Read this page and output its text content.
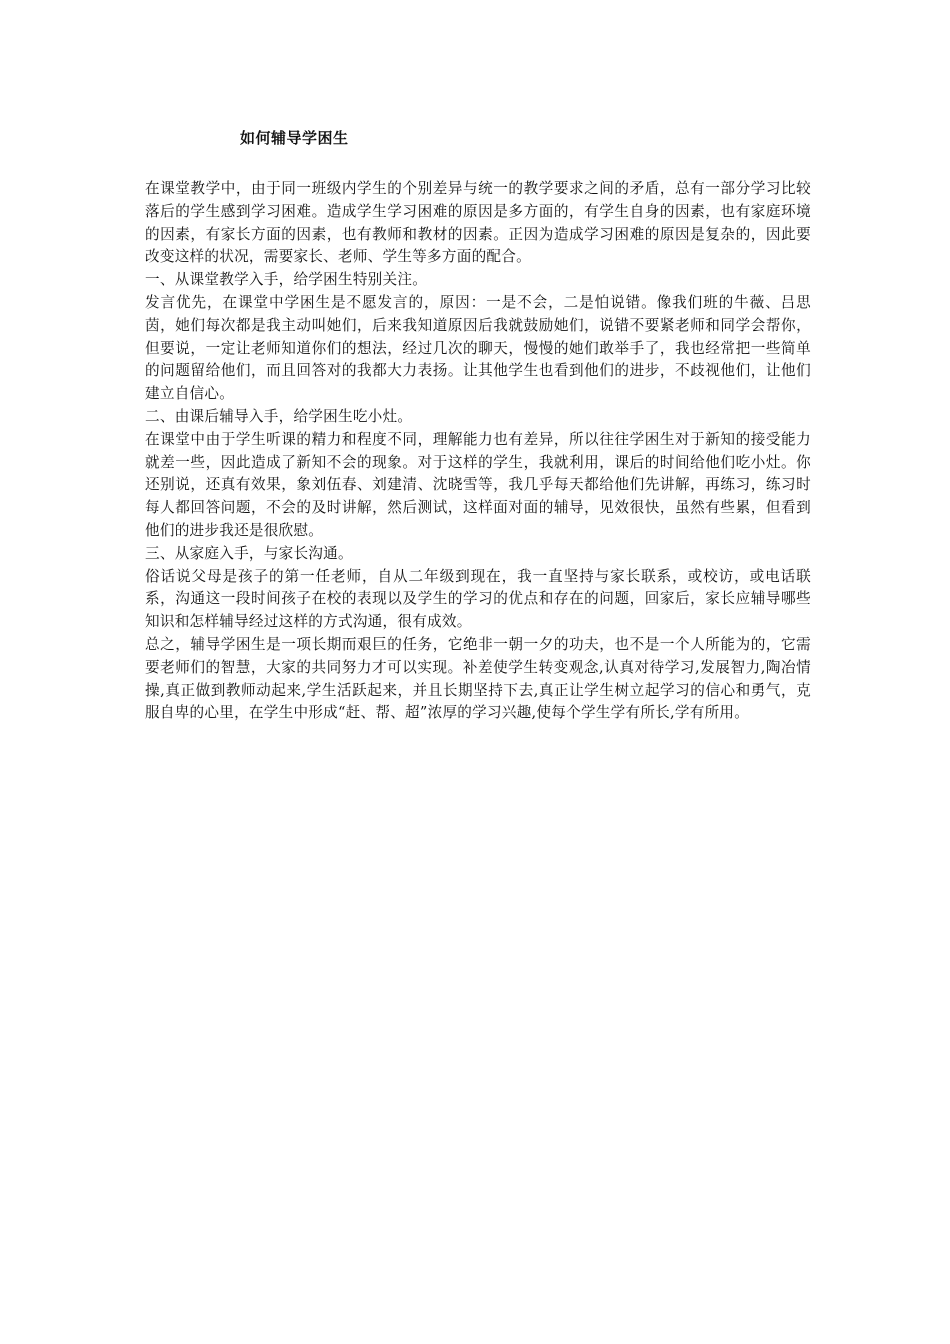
如何辅导学困生

在课堂教学中，由于同一班级内学生的个别差异与统一的教学要求之间的矛盾，总有一部分学习比较落后的学生感到学习困难。造成学生学习困难的原因是多方面的，有学生自身的因素，也有家庭环境的因素，有家长方面的因素，也有教师和教材的因素。正因为造成学习困难的原因是复杂的，因此要改变这样的状况，需要家长、老师、学生等多方面的配合。

一、从课堂教学入手，给学困生特别关注。

发言优先，在课堂中学困生是不愿发言的，原因：一是不会，二是怕说错。像我们班的牛薇、吕思茵，她们每次都是我主动叫她们，后来我知道原因后我就鼓励她们，说错不要紧老师和同学会帮你，但要说，一定让老师知道你们的想法，经过几次的聊天，慢慢的她们敢举手了，我也经常把一些简单的问题留给他们，而且回答对的我都大力表扬。让其他学生也看到他们的进步，不歧视他们，让他们建立自信心。

二、由课后辅导入手，给学困生吃小灶。

在课堂中由于学生听课的精力和程度不同，理解能力也有差异，所以往往学困生对于新知的接受能力就差一些，因此造成了新知不会的现象。对于这样的学生，我就利用，课后的时间给他们吃小灶。你还别说，还真有效果，象刘伍春、刘建清、沈晓雪等，我几乎每天都给他们先讲解，再练习，练习时每人都回答问题，不会的及时讲解，然后测试，这样面对面的辅导，见效很快，虽然有些累，但看到他们的进步我还是很欣慰。

三、从家庭入手，与家长沟通。

俗话说父母是孩子的第一任老师，自从二年级到现在，我一直坚持与家长联系，或校访，或电话联系，沟通这一段时间孩子在校的表现以及学生的学习的优点和存在的问题，回家后，家长应辅导哪些知识和怎样辅导经过这样的方式沟通，很有成效。

总之，辅导学困生是一项长期而艰巨的任务，它绝非一朝一夕的功夫，也不是一个人所能为的，它需要老师们的智慧，大家的共同努力才可以实现。补差使学生转变观念,认真对待学习,发展智力,陶冶情操,真正做到教师动起来,学生活跃起来，并且长期坚持下去,真正让学生树立起学习的信心和勇气，克服自卑的心里，在学生中形成“赶、帮、超”浓厚的学习兴趣,使每个学生学有所长,学有所用。
